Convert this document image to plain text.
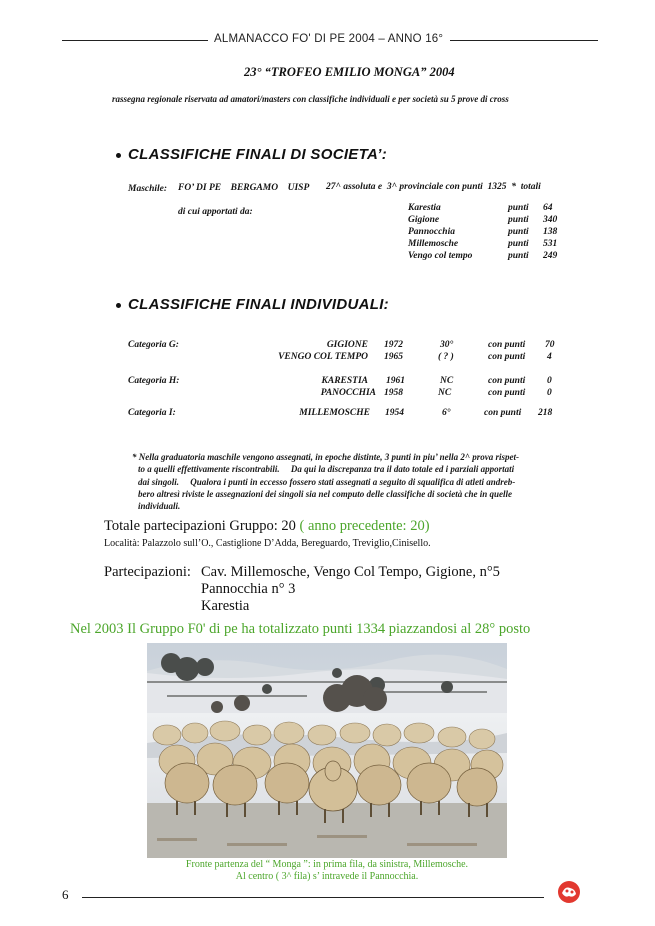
ALMANACCO FO' DI PE 2004 – ANNO 16°
23° “TROFEO EMILIO MONGA” 2004
rassegna regionale riservata ad amatori/masters con classifiche individuali e per società su 5 prove di cross
CLASSIFICHE FINALI DI SOCIETA’:
Maschile: FO’ DI PE    BERGAMO    UISP 27^ assoluta e  3^ provinciale con punti  1325  *  totali
di cui apportati da:	Karestia	punti 64
Gigione	punti 340
Pannocchia	punti 138
Millemosche	punti 531
Vengo col tempo	punti 249
CLASSIFICHE FINALI INDIVIDUALI:
Categoria G:	GIGIONE 1972	30°	con punti 70
VENGO COL TEMPO 1965	( ? )	con punti 4
Categoria H:	KARESTIA 1961	NC	con punti 0
PANOCCHIA 1958	NC	con punti 0
Categoria I:	MILLEMOSCHE 1954	6°	con punti 218
* Nella graduatoria maschile vengono assegnati, in epoche distinte, 3 punti in piu’ nella 2^ prova rispet-
to a quelli effettivamente riscontrabili.     Da qui la discrepanza tra il dato totale ed i parziali apportati
dai singoli.     Qualora i punti in eccesso fossero stati assegnati a seguito di squalifica di atleti andreb-
bero altresì riviste le assegnazioni dei singoli sia nel computo delle classifiche di società che in quelle
individuali.
Totale partecipazioni Gruppo: 20 ( anno precedente: 20)
Località: Palazzolo sull’O., Castiglione D’Adda, Bereguardo, Treviglio,Cinisello.
Partecipazioni: Cav. Millemosche, Vengo Col Tempo, Gigione, n°5
Pannocchia n° 3
Karestia
Nel 2003 Il Gruppo F0' di pe ha totalizzato punti 1334 piazzandosi al 28° posto
Fronte partenza del “ Monga ”: in prima fila, da sinistra, Millemosche.
Al centro ( 3^ fila) s’ intravede il Pannocchia.
6
